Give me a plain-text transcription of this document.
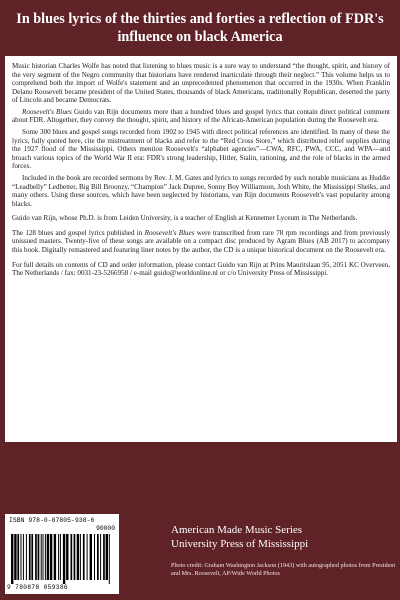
In blues lyrics of the thirties and forties a reflection of FDR's influence on black America

Music historian Charles Wolfe has noted that listening to blues music is a sure way to understand “the thought, spirit, and history of the very segment of the Negro community that historians have rendered inarticulate through their neglect.” This volume helps us to comprehend both the import of Wolfe's statement and an unprecedented phenomenon that occurred in the 1930s. When Franklin Delano Roosevelt became president of the United States, thousands of black Americans, traditionally Republican, deserted the party of Lincoln and became Democrats.

Roosevelt's Blues Guido van Rijn documents more than a hundred blues and gospel lyrics that contain direct political comment about FDR. Altogether, they convey the thought, spirit, and history of the African-American population during the Roosevelt era.

Some 300 blues and gospel songs recorded from 1902 to 1945 with direct political references are identified. In many of these the lyrics, fully quoted here, cite the mistreatment of blacks and refer to the “Red Cross Store,” which distributed relief supplies during the 1927 flood of the Mississippi. Others mention Roosevelt's “alphabet agencies”—CWA, RFC, PWA, CCC, and WPA—and broach various topics of the World War II era: FDR's strong leadership, Hitler, Stalin, rationing, and the role of blacks in the armed forces.

Included in the book are recorded sermons by Rev. J. M. Gates and lyrics to songs recorded by such notable musicians as Huddie “Leadbelly” Ledbetter, Big Bill Broonzy, “Champion” Jack Dupree, Sonny Boy Williamson, Josh White, the Mississippi Sheiks, and many others. Using these sources, which have been neglected by historians, van Rijn documents Roosevelt's vast popularity among blacks.

Guido van Rijn, whose Ph.D. is from Leiden University, is a teacher of English at Kennemer Lyceum in The Netherlands.

The 128 blues and gospel lyrics published in Roosevelt's Blues were transcribed from rare 78 rpm recordings and from previously unissued masters. Twenty-five of these songs are available on a compact disc produced by Agram Blues (AB 2017) to accompany this book. Digitally remastered and featuring liner notes by the author, the CD is a unique historical document on the Roosevelt era.

For full details on contents of CD and order information, please contact Guido van Rijn at Prins Mauritslaan 95, 2051 KC Overveen, The Netherlands / fax: 0031-23-5266958 / e-mail guido@worldonline.nl or c/o University Press of Mississippi.

ISBN 978-0-87805-938-6
90000
9 780878 059386
American Made Music Series
University Press of Mississippi
Photo credit: Graham Washington Jackson (1943) with autographed photos from President and Mrs. Roosevelt, AP/Wide World Photos
